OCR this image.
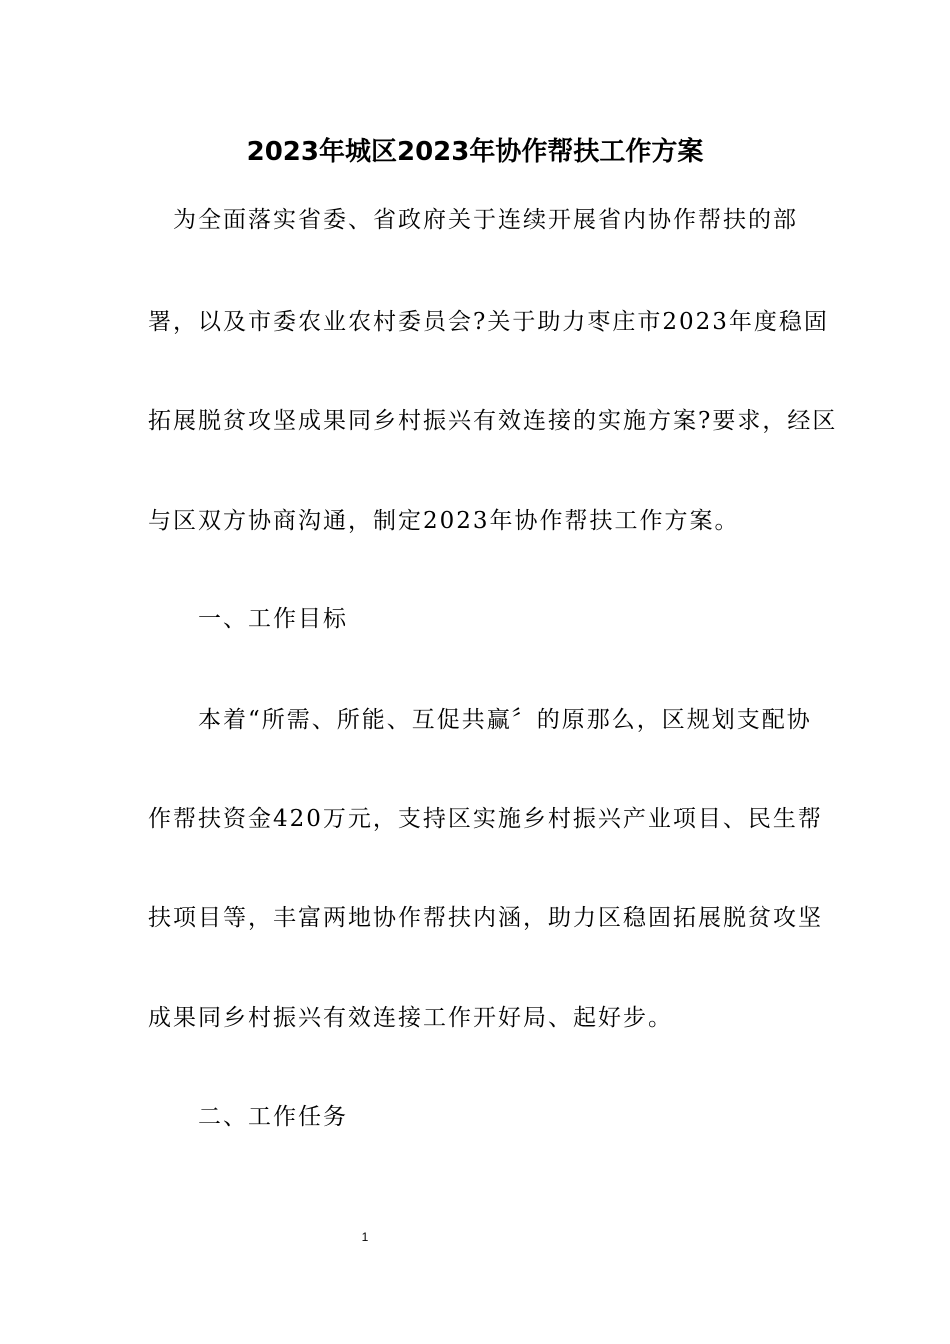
2023年城区2023年协作帮扶工作方案
　为全面落实省委、省政府关于连续开展省内协作帮扶的部
署，以及市委农业农村委员会?关于助力枣庄市2023年度稳固
拓展脱贫攻坚成果同乡村振兴有效连接的实施方案?要求，经区
与区双方协商沟通，制定2023年协作帮扶工作方案。
　　一、工作目标
　　本着“所需、所能、互促共赢〞的原那么，区规划支配协
作帮扶资金420万元，支持区实施乡村振兴产业项目、民生帮
扶项目等，丰富两地协作帮扶内涵，助力区稳固拓展脱贫攻坚
成果同乡村振兴有效连接工作开好局、起好步。
　　二、工作任务
1
